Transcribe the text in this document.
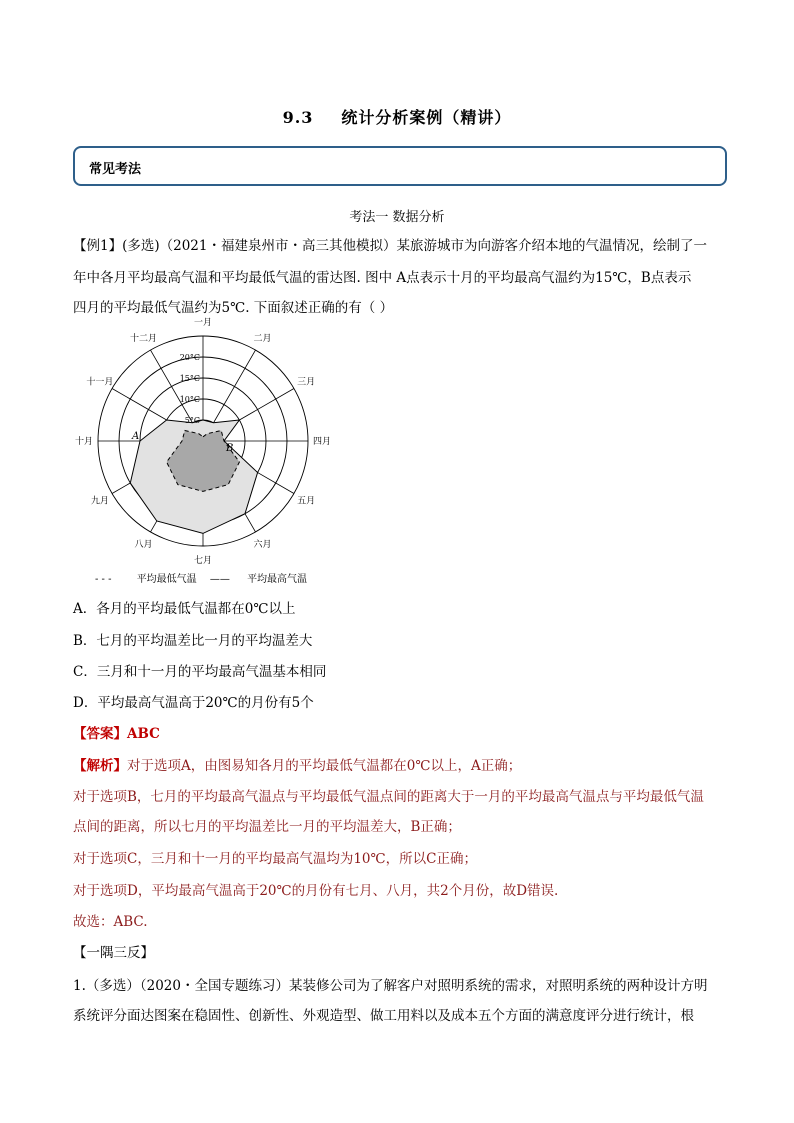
9.3 统计分析案例（精讲）
常见考法
考法一 数据分析
【例1】(多选)（2021・福建泉州市・高三其他模拟）某旅游城市为向游客介绍本地的气温情况，绘制了一
年中各月平均最高气温和平均最低气温的雷达图. 图中 A点表示十月的平均最高气温约为15℃，B点表示
四月的平均最低气温约为5℃. 下面叙述正确的有（ ）
5°C
10°C
15°C
20°C
一月
二月
三月
四月
五月
六月
七月
八月
九月
十月
十一月
十二月
A
B
- - -	平均最低气温 —— 平均最高气温
A．各月的平均最低气温都在0℃以上
B．七月的平均温差比一月的平均温差大
C．三月和十一月的平均最高气温基本相同
D．平均最高气温高于20℃的月份有5个
【答案】ABC
【解析】对于选项A，由图易知各月的平均最低气温都在0℃以上，A正确；
对于选项B，七月的平均最高气温点与平均最低气温点间的距离大于一月的平均最高气温点与平均最低气温
点间的距离，所以七月的平均温差比一月的平均温差大，B正确；
对于选项C，三月和十一月的平均最高气温均为10℃，所以C正确；
对于选项D，平均最高气温高于20℃的月份有七月、八月，共2个月份，故D错误.
故选：ABC.
【一隅三反】
1.（多选）（2020・全国专题练习）某装修公司为了解客户对照明系统的需求，对照明系统的两种设计方明
系统评分面达图案在稳固性、创新性、外观造型、做工用料以及成本五个方面的满意度评分进行统计，根
